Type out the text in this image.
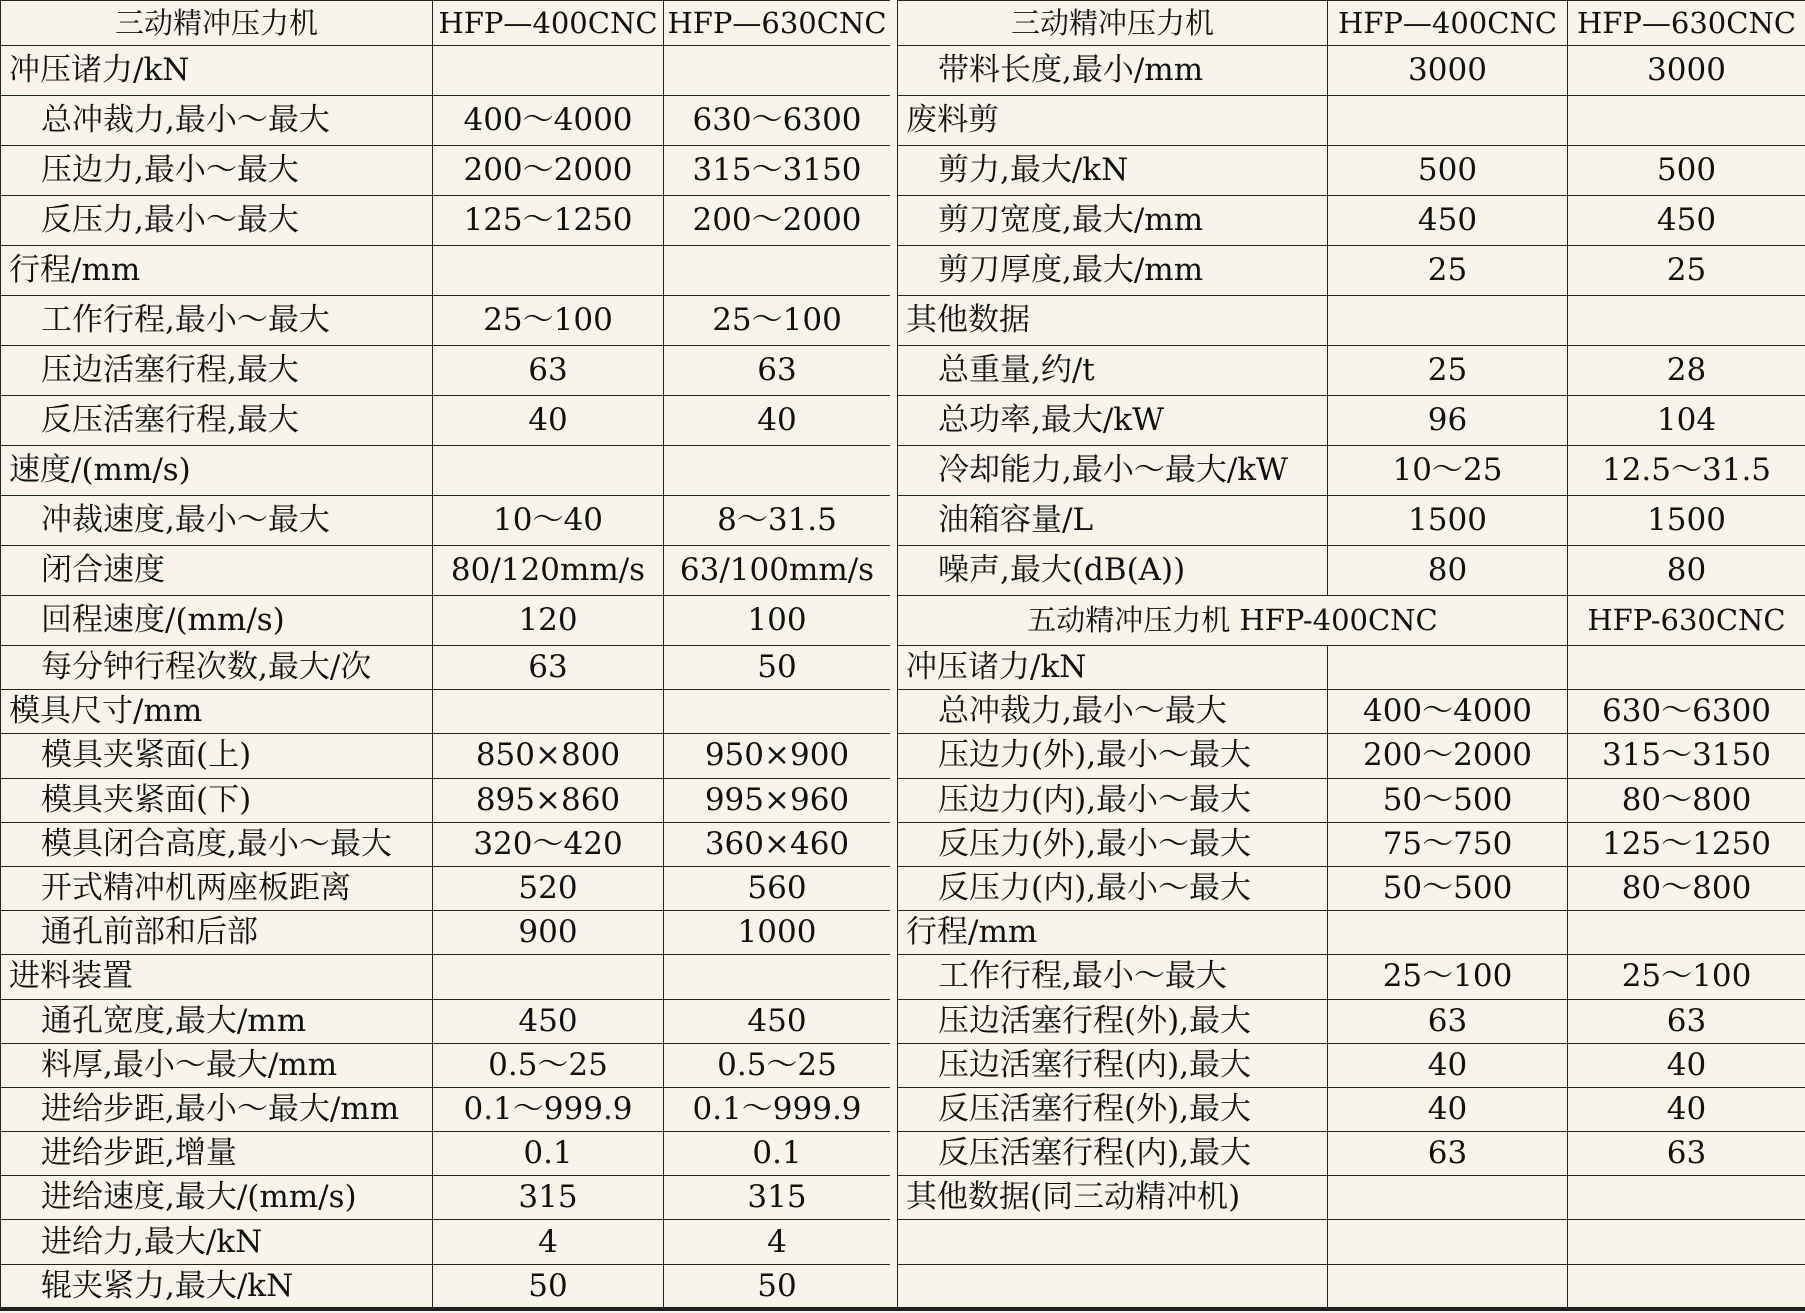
三动精冲压力机	HFP—400CNC	HFP—630CNC
冲压诸力/kN		
总冲裁力,最小～最大	400～4000	630～6300
压边力,最小～最大	200～2000	315～3150
反压力,最小～最大	125～1250	200～2000
行程/mm		
工作行程,最小～最大	25～100	25～100
压边活塞行程,最大	63	63
反压活塞行程,最大	40	40
速度/(mm/s)		
冲裁速度,最小～最大	10～40	8～31.5
闭合速度	80/120mm/s	63/100mm/s
回程速度/(mm/s)	120	100
每分钟行程次数,最大/次	63	50
模具尺寸/mm		
模具夹紧面(上)	850×800	950×900
模具夹紧面(下)	895×860	995×960
模具闭合高度,最小～最大	320～420	360×460
开式精冲机两座板距离	520	560
通孔前部和后部	900	1000
进料装置		
通孔宽度,最大/mm	450	450
料厚,最小～最大/mm	0.5～25	0.5～25
进给步距,最小～最大/mm	0.1～999.9	0.1～999.9
进给步距,增量	0.1	0.1
进给速度,最大/(mm/s)	315	315
进给力,最大/kN	4	4
辊夹紧力,最大/kN	50	50
三动精冲压力机	HFP—400CNC	HFP—630CNC
带料长度,最小/mm	3000	3000
废料剪		
剪力,最大/kN	500	500
剪刀宽度,最大/mm	450	450
剪刀厚度,最大/mm	25	25
其他数据		
总重量,约/t	25	28
总功率,最大/kW	96	104
冷却能力,最小～最大/kW	10～25	12.5～31.5
油箱容量/L	1500	1500
噪声,最大(dB(A))	80	80
五动精冲压力机 HFP-400CNC		HFP-630CNC
冲压诸力/kN		
总冲裁力,最小～最大	400～4000	630～6300
压边力(外),最小～最大	200～2000	315～3150
压边力(内),最小～最大	50～500	80～800
反压力(外),最小～最大	75～750	125～1250
反压力(内),最小～最大	50～500	80～800
行程/mm		
工作行程,最小～最大	25～100	25～100
压边活塞行程(外),最大	63	63
压边活塞行程(内),最大	40	40
反压活塞行程(外),最大	40	40
反压活塞行程(内),最大	63	63
其他数据(同三动精冲机)		
